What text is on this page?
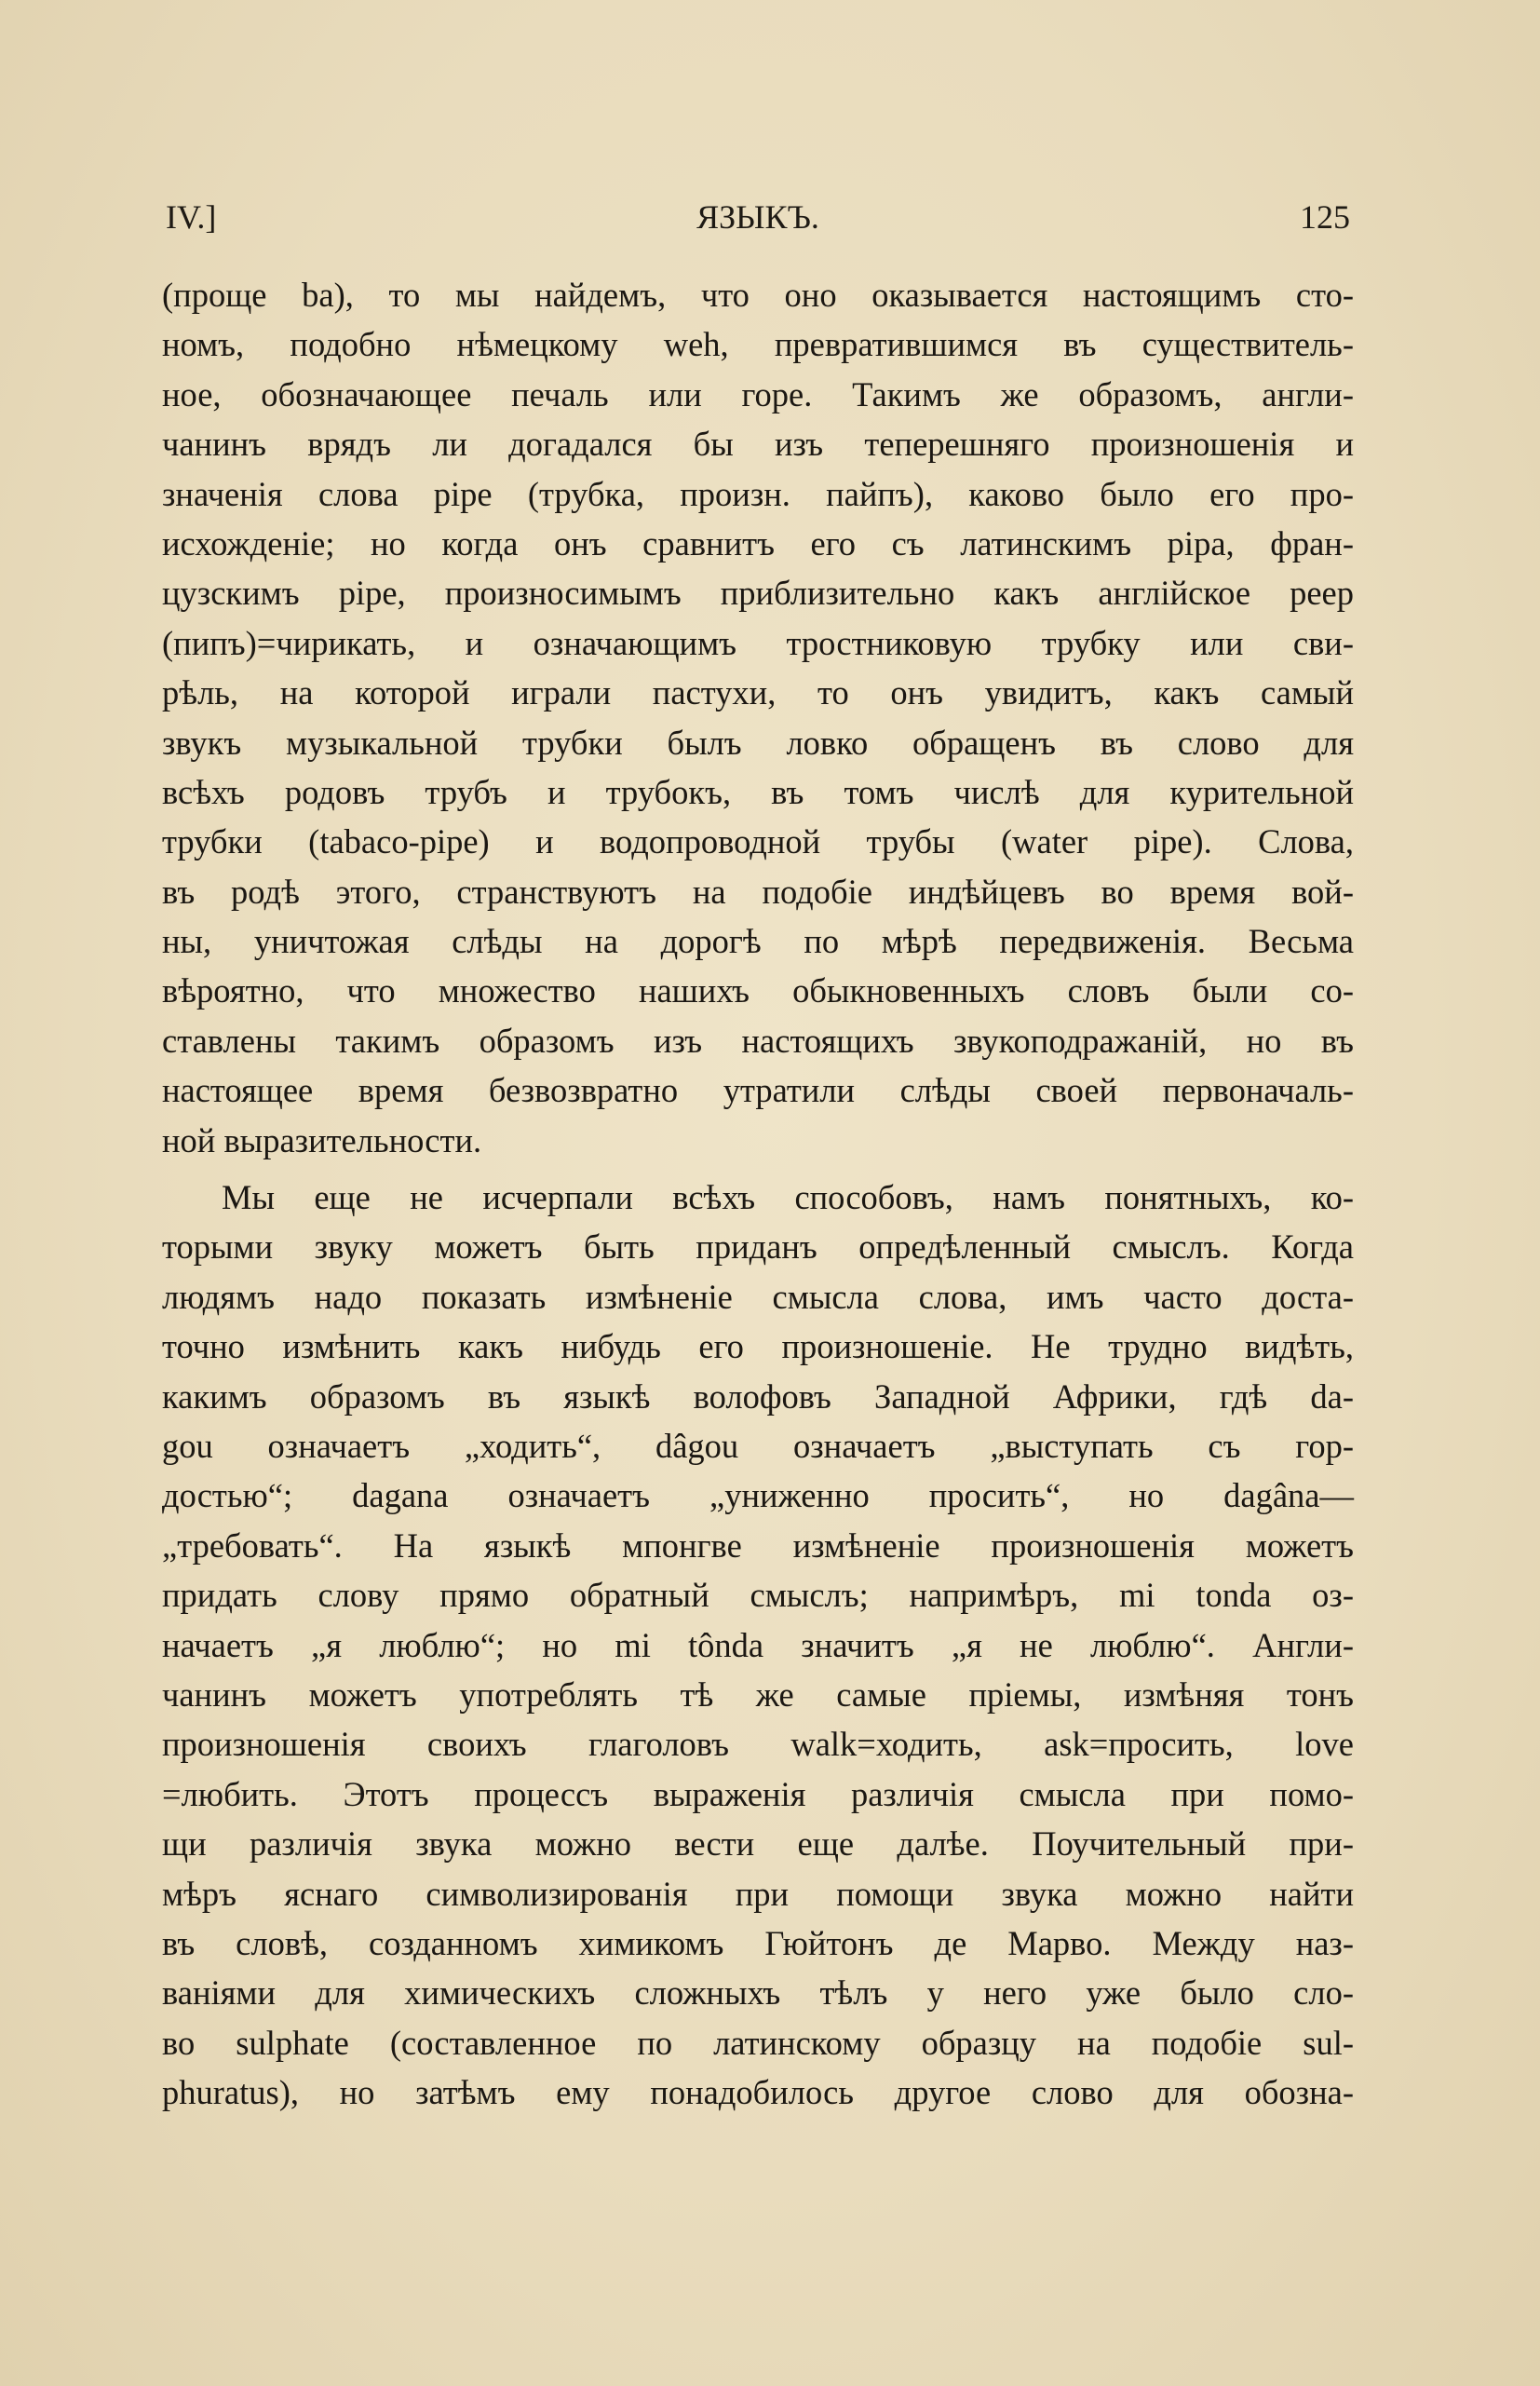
IV.]	ЯЗЫКЪ.	125
(проще ba), то мы найдемъ, что оно оказывается настоящимъ сто-
номъ, подобно нѣмецкому weh, превратившимся въ существитель-
ное, обозначающее печаль или горе. Такимъ же образомъ, англи-
чанинъ врядъ ли догадался бы изъ теперешняго произношенія и
значенія слова pipe (трубка, произн. пайпъ), каково было его про-
исхожденіе; но когда онъ сравнитъ его съ латинскимъ pipa, фран-
цузскимъ pipe, произносимымъ приблизительно какъ англійское peep
(пипъ)=чирикать, и означающимъ тростниковую трубку или сви-
рѣль, на которой играли пастухи, то онъ увидитъ, какъ самый
звукъ музыкальной трубки былъ ловко обращенъ въ слово для
всѣхъ родовъ трубъ и трубокъ, въ томъ числѣ для курительной
трубки (tabaco-pipe) и водопроводной трубы (water pipe). Слова,
въ родѣ этого, странствуютъ на подобіе индѣйцевъ во время вой-
ны, уничтожая слѣды на дорогѣ по мѣрѣ передвиженія. Весьма
вѣроятно, что множество нашихъ обыкновенныхъ словъ были со-
ставлены такимъ образомъ изъ настоящихъ звукоподражаній, но въ
настоящее время безвозвратно утратили слѣды своей первоначаль-
ной выразительности.
Мы еще не исчерпали всѣхъ способовъ, намъ понятныхъ, ко-
торыми звуку можетъ быть приданъ опредѣленный смыслъ. Когда
людямъ надо показать измѣненіе смысла слова, имъ часто доста-
точно измѣнить какъ нибудь его произношеніе. Не трудно видѣть,
какимъ образомъ въ языкѣ волофовъ Западной Африки, гдѣ da-
gou означаетъ „ходить“, dâgou означаетъ „выступать съ гор-
достью“; dagana означаетъ „униженно просить“, но dagâna—
„требовать“. На языкѣ мпонгве измѣненіе произношенія можетъ
придать слову прямо обратный смыслъ; напримѣръ, mi tonda оз-
начаетъ „я люблю“; но mi tônda значитъ „я не люблю“. Англи-
чанинъ можетъ употреблять тѣ же самые пріемы, измѣняя тонъ
произношенія своихъ глаголовъ walk=ходить, ask=просить, love
=любить. Этотъ процессъ выраженія различія смысла при помо-
щи различія звука можно вести еще далѣе. Поучительный при-
мѣръ яснаго символизированія при помощи звука можно найти
въ словѣ, созданномъ химикомъ Гюйтонъ де Марво. Между наз-
ваніями для химическихъ сложныхъ тѣлъ у него уже было сло-
во sulphate (составленное по латинскому образцу на подобіе sul-
phuratus), но затѣмъ ему понадобилось другое слово для обозна-
